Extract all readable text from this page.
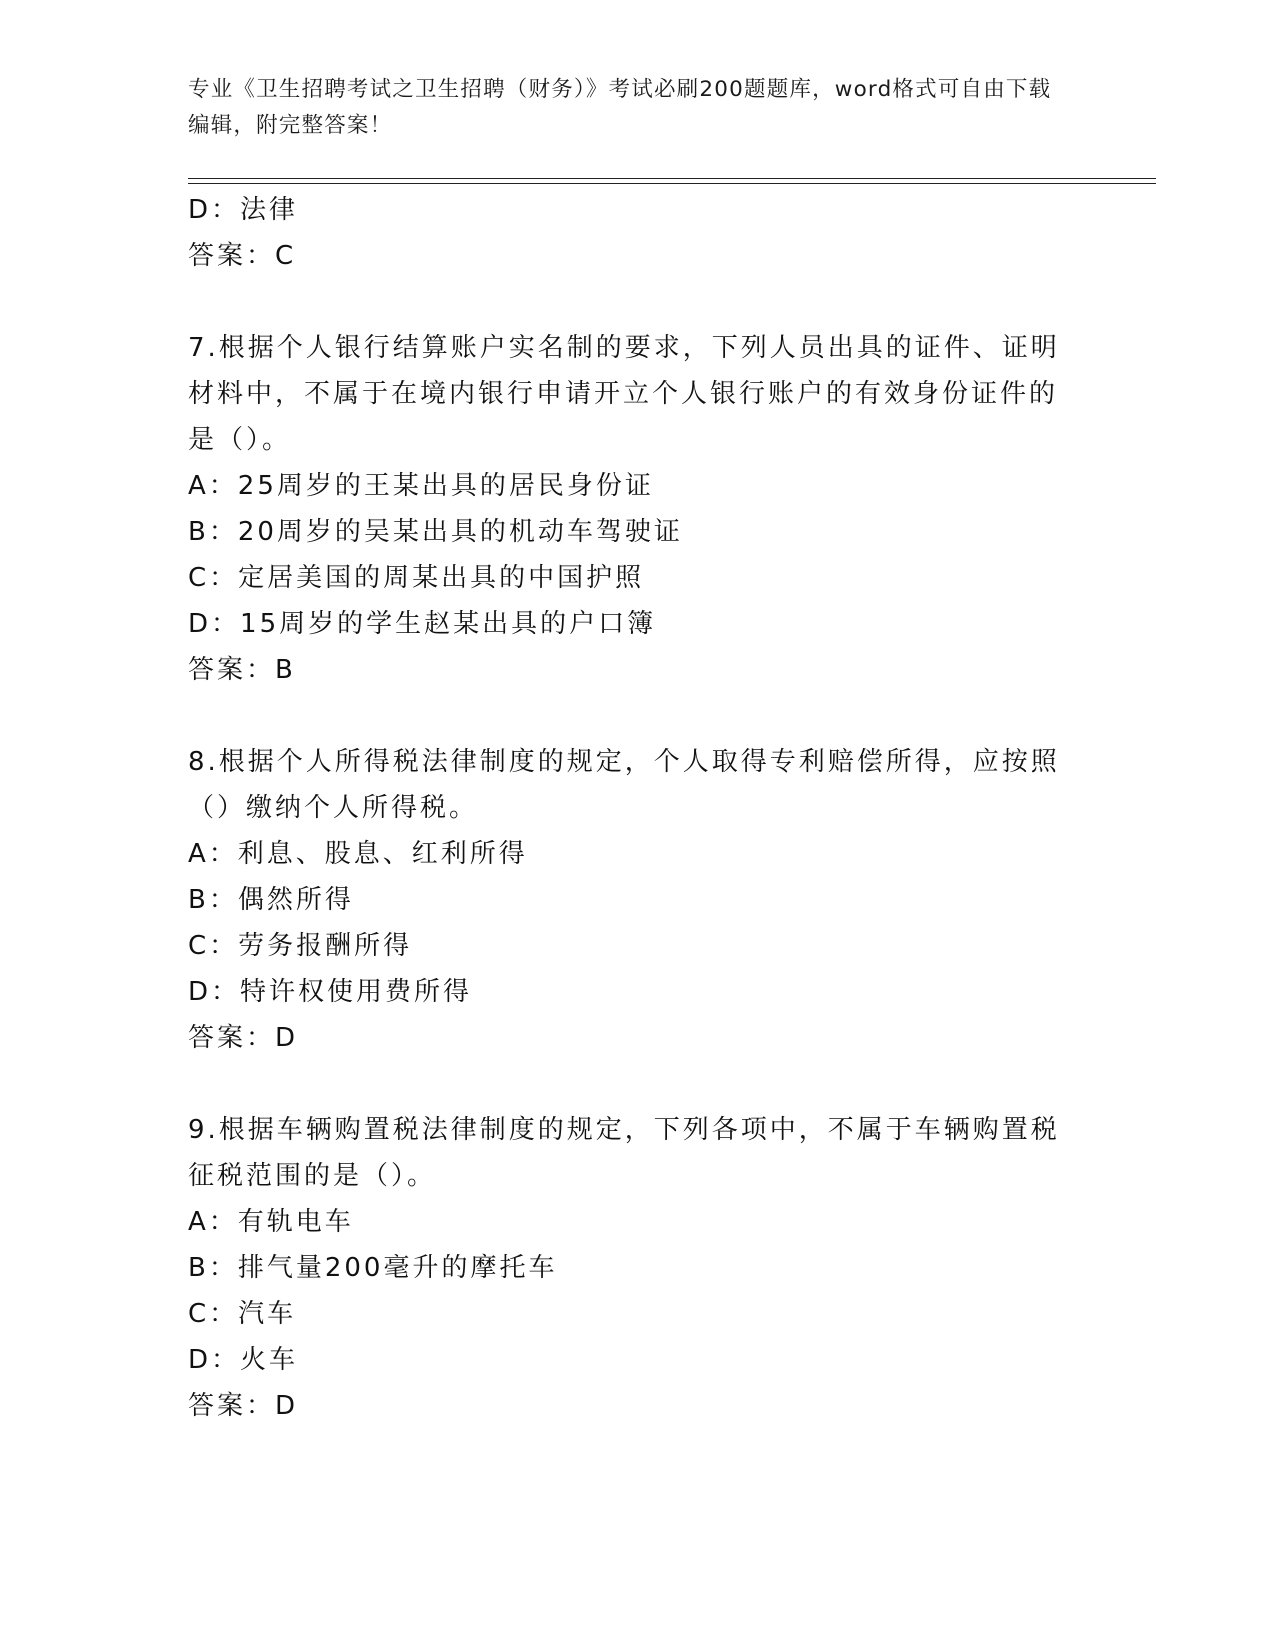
专业《卫生招聘考试之卫生招聘（财务）》考试必刷200题题库，word格式可自由下载编辑，附完整答案！
D：法律
答案：C
7.根据个人银行结算账户实名制的要求，下列人员出具的证件、证明材料中，不属于在境内银行申请开立个人银行账户的有效身份证件的是（）。
A：25周岁的王某出具的居民身份证
B：20周岁的吴某出具的机动车驾驶证
C：定居美国的周某出具的中国护照
D：15周岁的学生赵某出具的户口簿
答案：B
8.根据个人所得税法律制度的规定，个人取得专利赔偿所得，应按照（）缴纳个人所得税。
A：利息、股息、红利所得
B：偶然所得
C：劳务报酬所得
D：特许权使用费所得
答案：D
9.根据车辆购置税法律制度的规定，下列各项中，不属于车辆购置税征税范围的是（）。
A：有轨电车
B：排气量200毫升的摩托车
C：汽车
D：火车
答案：D
